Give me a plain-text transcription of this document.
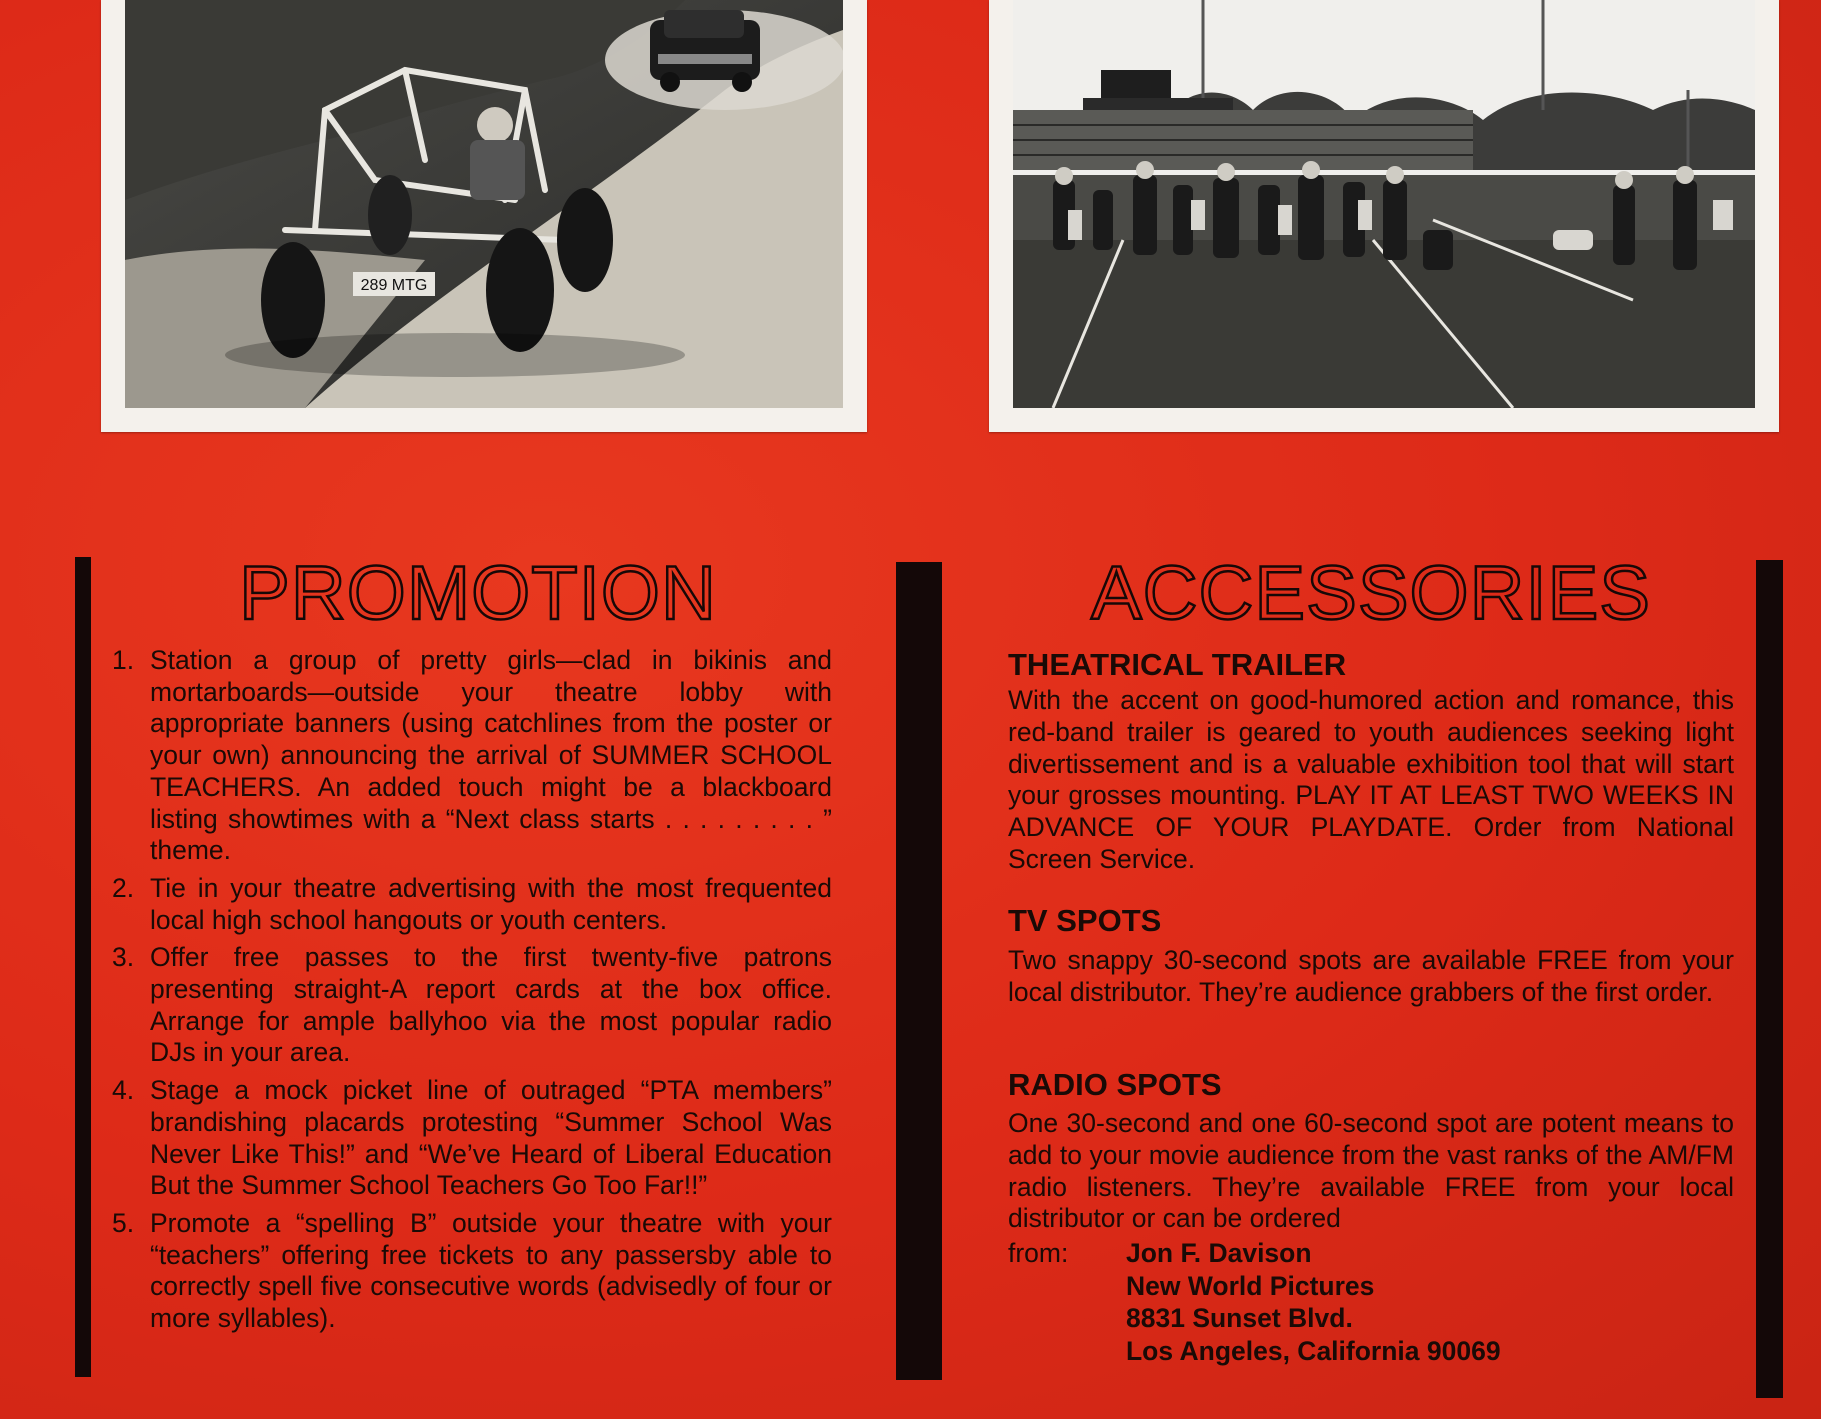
289 MTG
PROMOTION
1. Station a group of pretty girls—clad in bikinis and mortarboards—outside your theatre lobby with appropriate banners (using catchlines from the poster or your own) announcing the arrival of SUMMER SCHOOL TEACHERS. An added touch might be a blackboard listing showtimes with a “Next class starts . . . . . . . . . ” theme.
2. Tie in your theatre advertising with the most frequented local high school hangouts or youth centers.
3. Offer free passes to the first twenty-five patrons presenting straight-A report cards at the box office. Arrange for ample ballyhoo via the most popular radio DJs in your area.
4. Stage a mock picket line of outraged “PTA members” brandishing placards protesting “Summer School Was Never Like This!” and “We’ve Heard of Liberal Education But the Summer School Teachers Go Too Far!!”
5. Promote a “spelling B” outside your theatre with your “teachers” offering free tickets to any passersby able to correctly spell five consecutive words (advisedly of four or more syllables).
ACCESSORIES
THEATRICAL TRAILER
With the accent on good-humored action and romance, this red-band trailer is geared to youth audiences seeking light divertissement and is a valuable exhibition tool that will start your grosses mounting. PLAY IT AT LEAST TWO WEEKS IN ADVANCE OF YOUR PLAYDATE. Order from National Screen Service.
TV SPOTS
Two snappy 30-second spots are available FREE from your local distributor. They’re audience grabbers of the first order.
RADIO SPOTS
One 30-second and one 60-second spot are potent means to add to your movie audience from the vast ranks of the AM/FM radio listeners. They’re available FREE from your local distributor or can be ordered
from: Jon F. Davison
New World Pictures
8831 Sunset Blvd.
Los Angeles, California 90069
